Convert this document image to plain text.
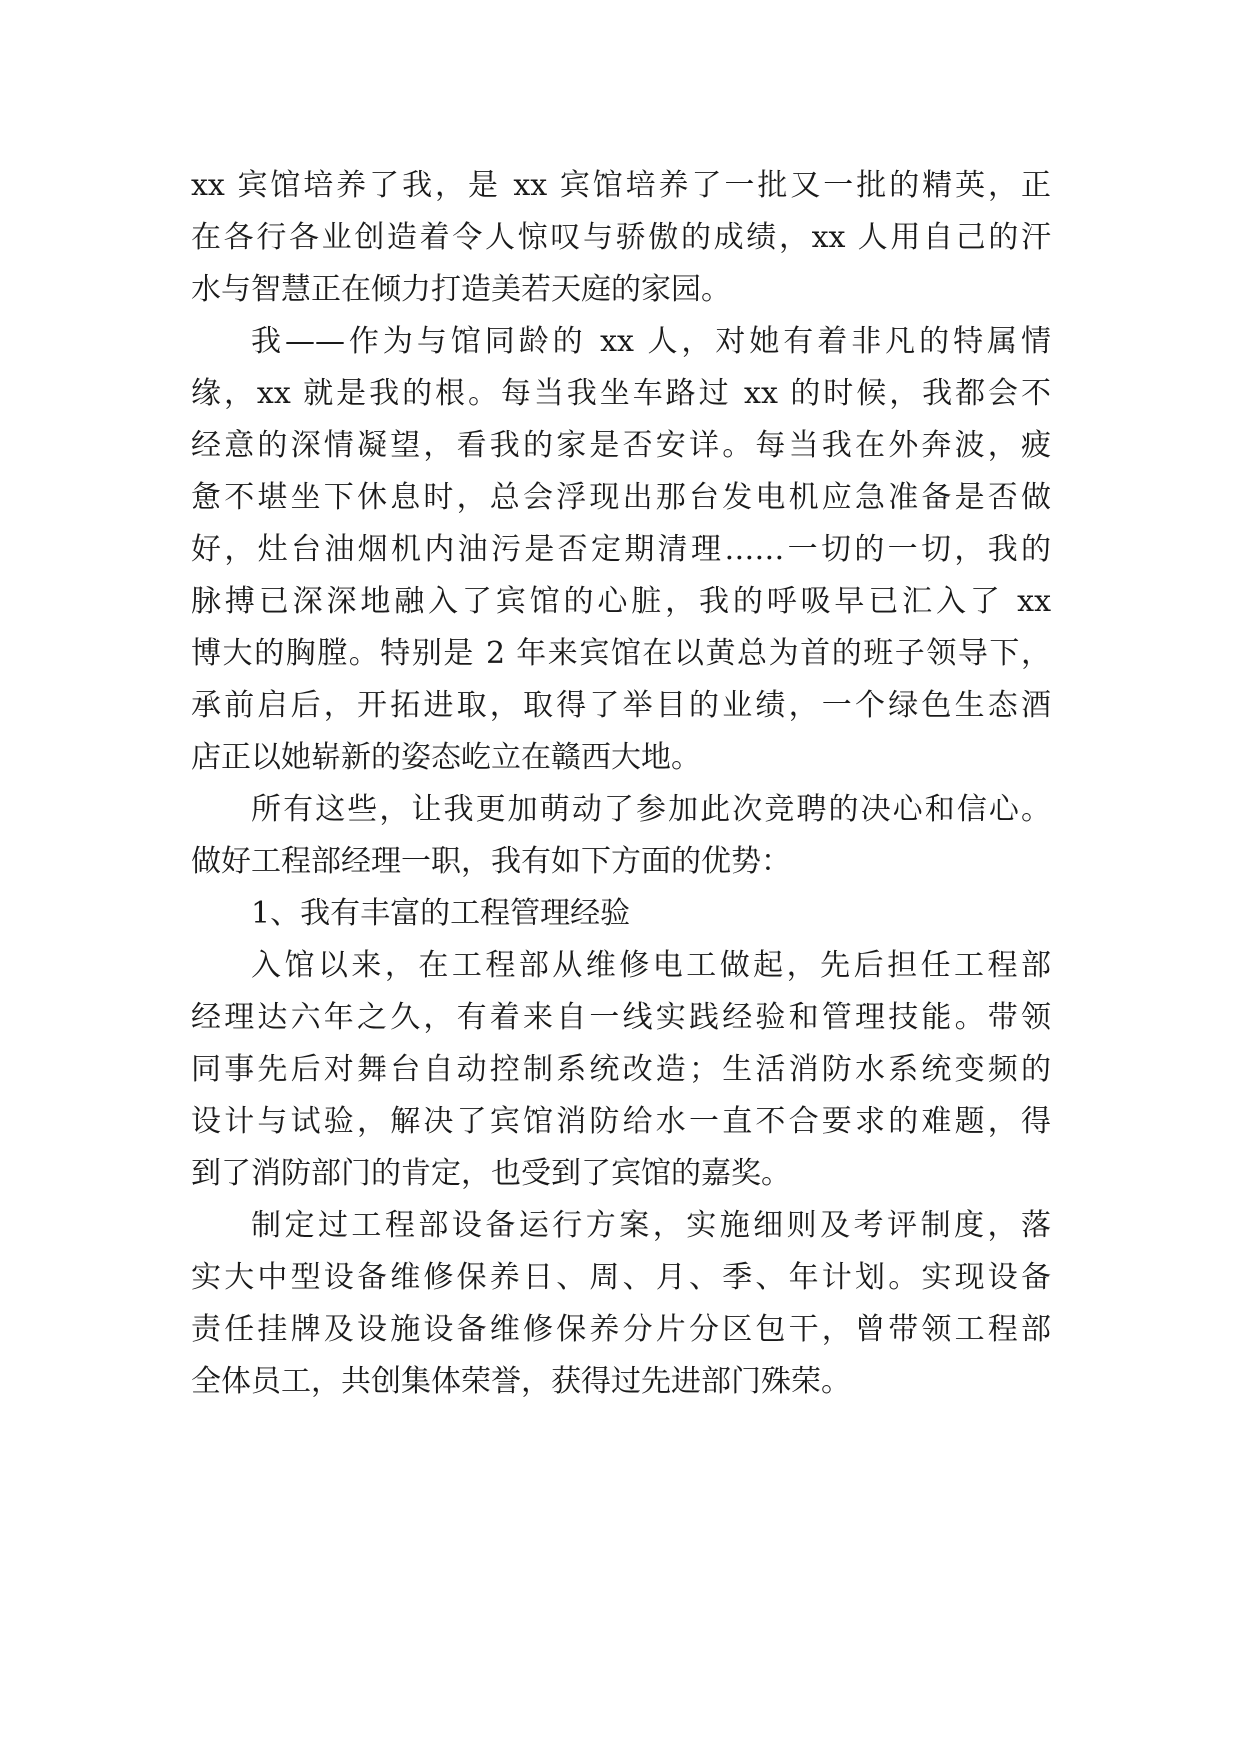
xx 宾馆培养了我，是 xx 宾馆培养了一批又一批的精英，正
在各行各业创造着令人惊叹与骄傲的成绩，xx 人用自己的汗
水与智慧正在倾力打造美若天庭的家园。
我——作为与馆同龄的 xx 人，对她有着非凡的特属情
缘，xx 就是我的根。每当我坐车路过 xx 的时候，我都会不
经意的深情凝望，看我的家是否安详。每当我在外奔波，疲
惫不堪坐下休息时，总会浮现出那台发电机应急准备是否做
好，灶台油烟机内油污是否定期清理……一切的一切，我的
脉搏已深深地融入了宾馆的心脏，我的呼吸早已汇入了 xx
博大的胸膛。特别是 2 年来宾馆在以黄总为首的班子领导下，
承前启后，开拓进取，取得了举目的业绩，一个绿色生态酒
店正以她崭新的姿态屹立在赣西大地。
所有这些，让我更加萌动了参加此次竞聘的决心和信心。
做好工程部经理一职，我有如下方面的优势：
1、我有丰富的工程管理经验
入馆以来，在工程部从维修电工做起，先后担任工程部
经理达六年之久，有着来自一线实践经验和管理技能。带领
同事先后对舞台自动控制系统改造；生活消防水系统变频的
设计与试验，解决了宾馆消防给水一直不合要求的难题，得
到了消防部门的肯定，也受到了宾馆的嘉奖。
制定过工程部设备运行方案，实施细则及考评制度，落
实大中型设备维修保养日、周、月、季、年计划。实现设备
责任挂牌及设施设备维修保养分片分区包干，曾带领工程部
全体员工，共创集体荣誉，获得过先进部门殊荣。
